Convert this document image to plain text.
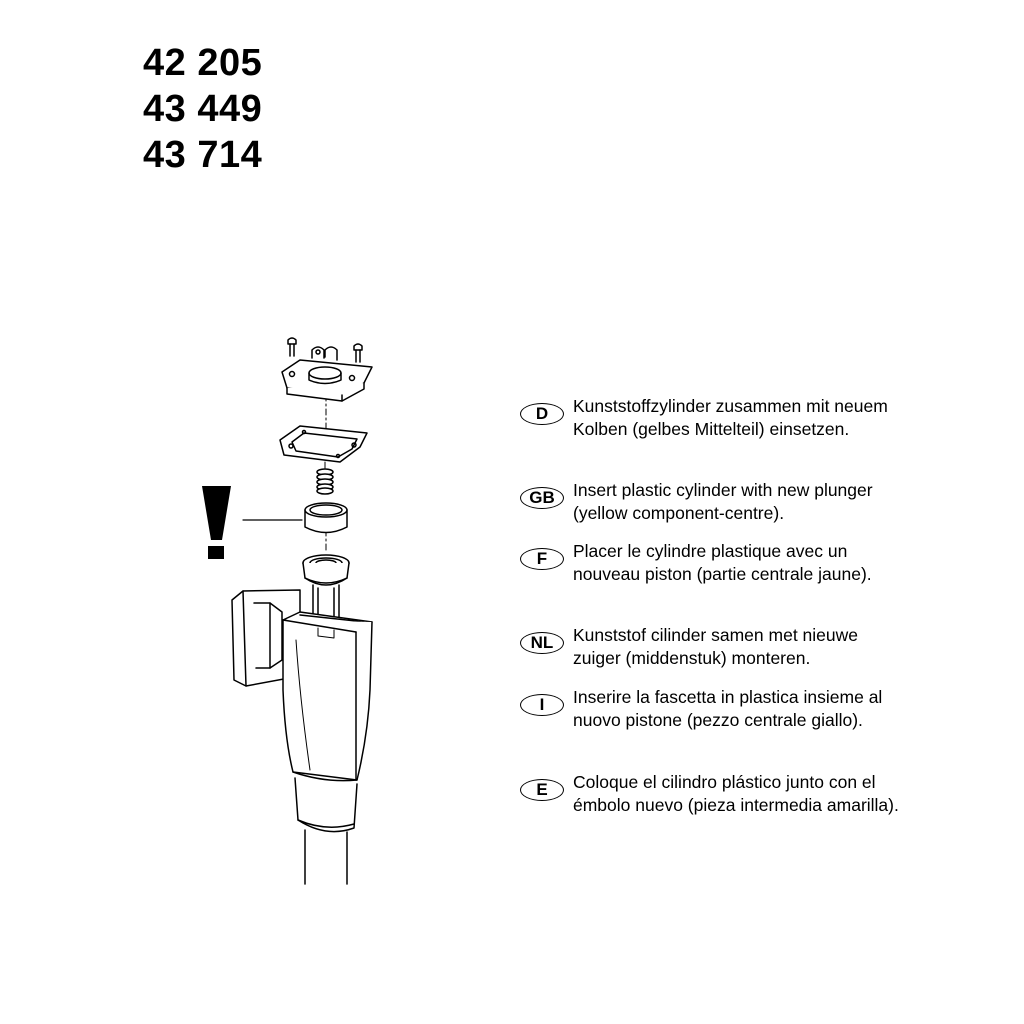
42 205
43 449
43 714
D	Kunststoffzylinder zusammen mit neuem Kolben (gelbes Mittelteil) einsetzen.
GB	Insert plastic cylinder with new plunger (yellow component-centre).
F	Placer le cylindre plastique avec un nouveau piston (partie centrale jaune).
NL	Kunststof cilinder samen met nieuwe zuiger (middenstuk) monteren.
I	Inserire la fascetta in plastica insieme al nuovo pistone (pezzo centrale giallo).
E	Coloque el cilindro plástico junto con el émbolo nuevo (pieza intermedia amarilla).
